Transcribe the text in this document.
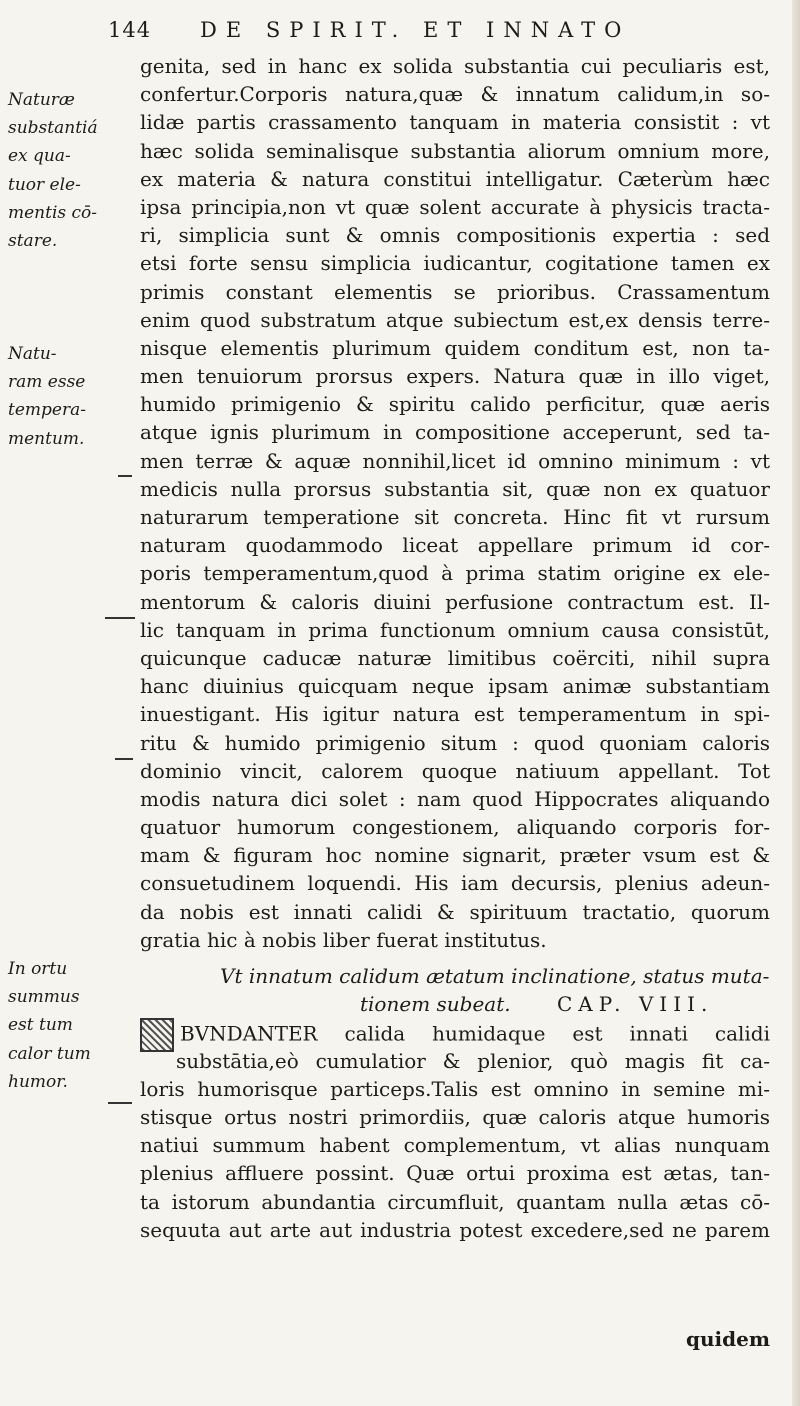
144 DE SPIRIT. ET INNATO
Naturæ
substantiá
ex qua-
tuor ele-
mentis cō-
stare.
Natu-
ram esse
tempera-
mentum.
In ortu
summus
est tum
calor tum
humor.
genita, sed in hanc ex solida substantia cui peculiaris est,
confertur.Corporis natura,quæ & innatum calidum,in so-
lidæ partis crassamento tanquam in materia consistit : vt
hæc solida seminalisque substantia aliorum omnium more,
ex materia & natura constitui intelligatur. Cæterùm hæc
ipsa principia,non vt quæ solent accurate à physicis tracta-
ri, simplicia sunt & omnis compositionis expertia : sed
etsi forte sensu simplicia iudicantur, cogitatione tamen ex
primis constant elementis se prioribus. Crassamentum
enim quod substratum atque subiectum est,ex densis terre-
nisque elementis plurimum quidem conditum est, non ta-
men tenuiorum prorsus expers. Natura quæ in illo viget,
humido primigenio & spiritu calido perficitur, quæ aeris
atque ignis plurimum in compositione acceperunt, sed ta-
men terræ & aquæ nonnihil,licet id omnino minimum : vt
medicis nulla prorsus substantia sit, quæ non ex quatuor
naturarum temperatione sit concreta. Hinc fit vt rursum
naturam quodammodo liceat appellare primum id cor-
poris temperamentum,quod à prima statim origine ex ele-
mentorum & caloris diuini perfusione contractum est. Il-
lic tanquam in prima functionum omnium causa consistūt,
quicunque caducæ naturæ limitibus coërciti, nihil supra
hanc diuinius quicquam neque ipsam animæ substantiam
inuestigant. His igitur natura est temperamentum in spi-
ritu & humido primigenio situm : quod quoniam caloris
dominio vincit, calorem quoque natiuum appellant. Tot
modis natura dici solet : nam quod Hippocrates aliquando
quatuor humorum congestionem, aliquando corporis for-
mam & figuram hoc nomine signarit, præter vsum est &
consuetudinem loquendi. His iam decursis, plenius adeun-
da nobis est innati calidi & spirituum tractatio, quorum
gratia hic à nobis liber fuerat institutus.
Vt innatum calidum ætatum inclinatione, status muta-
tionem subeat. CAP. VIII.
BVNDANTER calida humidaque est innati calidi
substātia,eò cumulatior & plenior, quò magis fit ca-
loris humorisque particeps.Talis est omnino in semine mi-
stisque ortus nostri primordiis, quæ caloris atque humoris
natiui summum habent complementum, vt alias nunquam
plenius affluere possint. Quæ ortui proxima est ætas, tan-
ta istorum abundantia circumfluit, quantam nulla ætas cō-
sequuta aut arte aut industria potest excedere,sed ne parem
quidem
